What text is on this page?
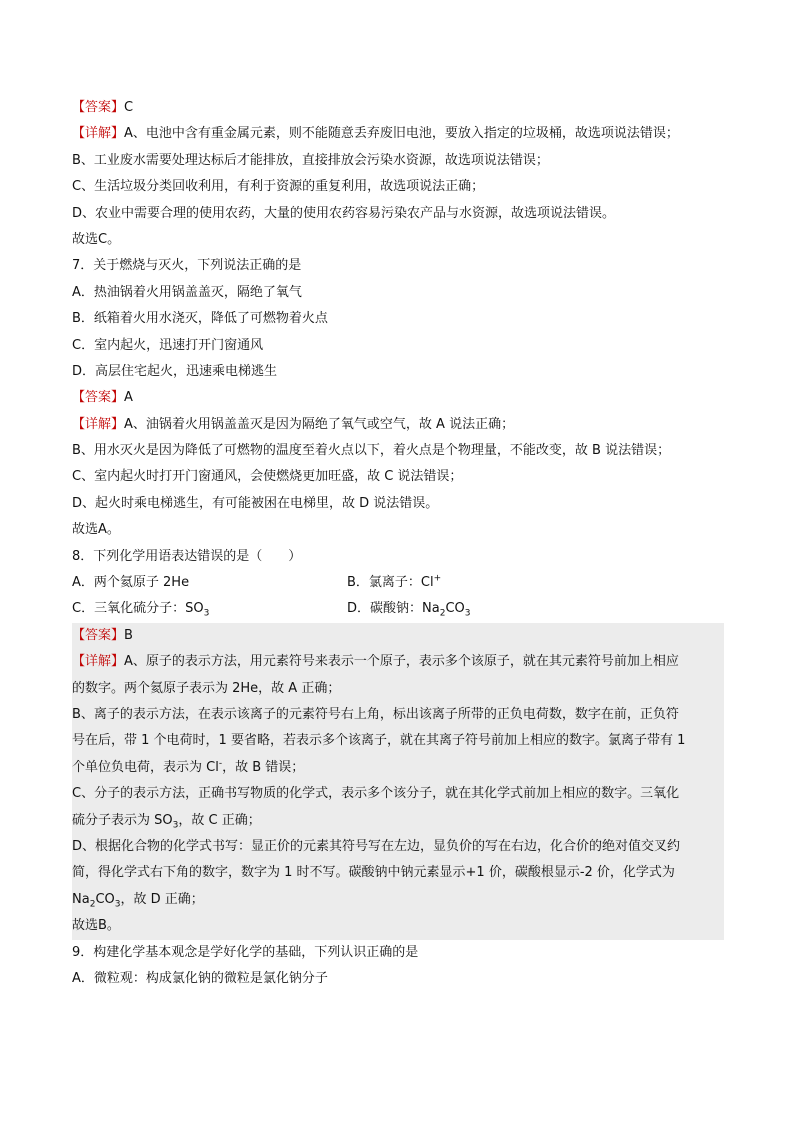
【答案】C
【详解】A、电池中含有重金属元素，则不能随意丢弃废旧电池，要放入指定的垃圾桶，故选项说法错误；
B、工业废水需要处理达标后才能排放，直接排放会污染水资源，故选项说法错误；
C、生活垃圾分类回收利用，有利于资源的重复利用，故选项说法正确；
D、农业中需要合理的使用农药，大量的使用农药容易污染农产品与水资源，故选项说法错误。
故选C。
7．关于燃烧与灭火，下列说法正确的是
A．热油锅着火用锅盖盖灭，隔绝了氧气
B．纸箱着火用水浇灭，降低了可燃物着火点
C．室内起火，迅速打开门窗通风
D．高层住宅起火，迅速乘电梯逃生
【答案】A
【详解】A、油锅着火用锅盖盖灭是因为隔绝了氧气或空气，故 A 说法正确；
B、用水灭火是因为降低了可燃物的温度至着火点以下，着火点是个物理量，不能改变，故 B 说法错误；
C、室内起火时打开门窗通风，会使燃烧更加旺盛，故 C 说法错误；
D、起火时乘电梯逃生，有可能被困在电梯里，故 D 说法错误。
故选A。
8．下列化学用语表达错误的是（　　）
A．两个氦原子 2He	B．氯离子：Cl+
C．三氧化硫分子：$SO_3$	D．碳酸钠：$Na_2CO_3$
【答案】B
【详解】A、原子的表示方法，用元素符号来表示一个原子，表示多个该原子，就在其元素符号前加上相应
的数字。两个氦原子表示为 2He，故 A 正确；
B、离子的表示方法，在表示该离子的元素符号右上角，标出该离子所带的正负电荷数，数字在前，正负符
号在后，带 1 个电荷时，1 要省略，若表示多个该离子，就在其离子符号前加上相应的数字。氯离子带有 1
个单位负电荷，表示为 Cl-，故 B 错误；
C、分子的表示方法，正确书写物质的化学式，表示多个该分子，就在其化学式前加上相应的数字。三氧化
硫分子表示为 $SO_3$，故 C 正确；
D、根据化合物的化学式书写：显正价的元素其符号写在左边，显负价的写在右边，化合价的绝对值交叉约
简，得化学式右下角的数字，数字为 1 时不写。碳酸钠中钠元素显示+1 价，碳酸根显示-2 价，化学式为
$Na_2CO_3$，故 D 正确；
故选B。
9．构建化学基本观念是学好化学的基础，下列认识正确的是
A．微粒观：构成氯化钠的微粒是氯化钠分子
